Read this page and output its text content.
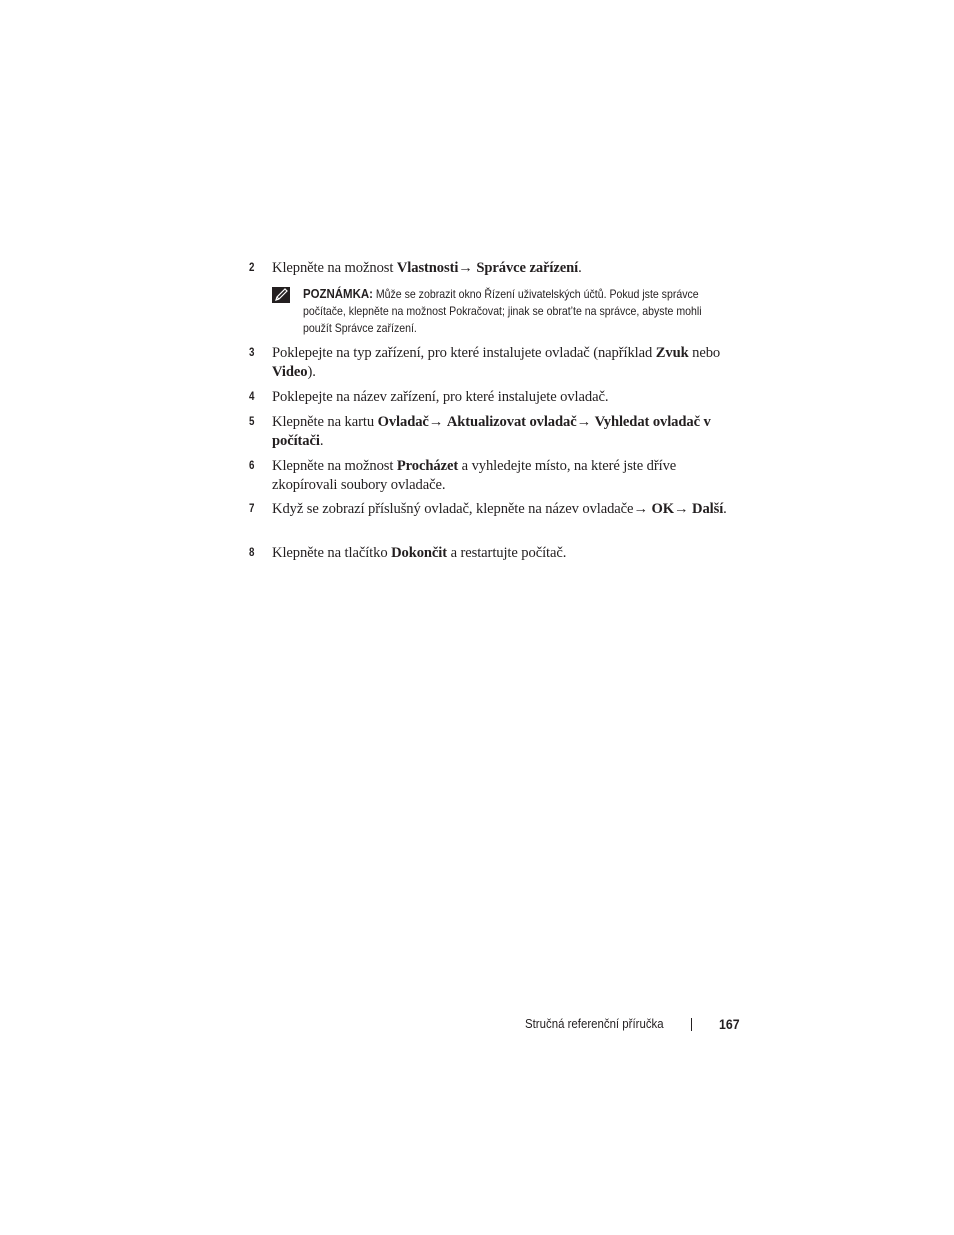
2 Klepněte na možnost Vlastnosti→ Správce zařízení.
POZNÁMKA: Může se zobrazit okno Řízení uživatelských účtů. Pokud jste správce počítače, klepněte na možnost Pokračovat; jinak se obrat’te na správce, abyste mohli použít Správce zařízení.
3 Poklepejte na typ zařízení, pro které instalujete ovladač (například Zvuk nebo Video).
4 Poklepejte na název zařízení, pro které instalujete ovladač.
5 Klepněte na kartu Ovladač→ Aktualizovat ovladač→ Vyhledat ovladač v počítači.
6 Klepněte na možnost Procházet a vyhledejte místo, na které jste dříve zkopírovali soubory ovladače.
7 Když se zobrazí příslušný ovladač, klepněte na název ovladače→ OK→ Další.
8 Klepněte na tlačítko Dokončit a restartujte počítač.
Stručná referenční příručka	167
